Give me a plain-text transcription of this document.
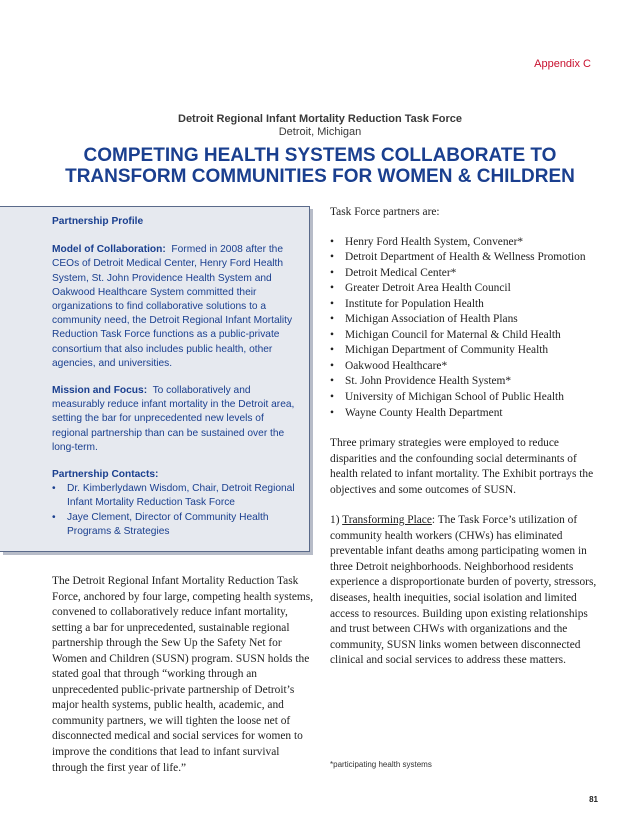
Appendix C
Detroit Regional Infant Mortality Reduction Task Force
Detroit, Michigan
COMPETING HEALTH SYSTEMS COLLABORATE TO
TRANSFORM COMMUNITIES FOR WOMEN & CHILDREN
Partnership Profile

Model of Collaboration: Formed in 2008 after the CEOs of Detroit Medical Center, Henry Ford Health System, St. John Providence Health System and Oakwood Healthcare System committed their organizations to find collaborative solutions to a community need, the Detroit Regional Infant Mortality Reduction Task Force functions as a public-private consortium that also includes public health, other agencies, and universities.

Mission and Focus: To collaboratively and measurably reduce infant mortality in the Detroit area, setting the bar for unprecedented new levels of regional partnership than can be sustained over the long-term.

Partnership Contacts:
• Dr. Kimberlydawn Wisdom, Chair, Detroit Regional Infant Mortality Reduction Task Force
• Jaye Clement, Director of Community Health Programs & Strategies
The Detroit Regional Infant Mortality Reduction Task Force, anchored by four large, competing health systems, convened to collaboratively reduce infant mortality, setting a bar for unprecedented, sustainable regional partnership through the Sew Up the Safety Net for Women and Children (SUSN) program. SUSN holds the stated goal that through “working through an unprecedented public-private partnership of Detroit’s major health systems, public health, academic, and community partners, we will tighten the loose net of disconnected medical and social services for women to improve the conditions that lead to infant survival through the first year of life.”
Task Force partners are:
• Henry Ford Health System, Convener*
• Detroit Department of Health & Wellness Promotion
• Detroit Medical Center*
• Greater Detroit Area Health Council
• Institute for Population Health
• Michigan Association of Health Plans
• Michigan Council for Maternal & Child Health
• Michigan Department of Community Health
• Oakwood Healthcare*
• St. John Providence Health System*
• University of Michigan School of Public Health
• Wayne County Health Department

Three primary strategies were employed to reduce disparities and the confounding social determinants of health related to infant mortality. The Exhibit portrays the objectives and some outcomes of SUSN.

1) Transforming Place: The Task Force’s utilization of community health workers (CHWs) has eliminated preventable infant deaths among participating women in three Detroit neighborhoods. Neighborhood residents experience a disproportionate burden of poverty, stressors, diseases, health inequities, social isolation and limited access to resources. Building upon existing relationships and trust between CHWs with organizations and the community, SUSN links women between disconnected clinical and social services to address these matters.

*participating health systems
81
